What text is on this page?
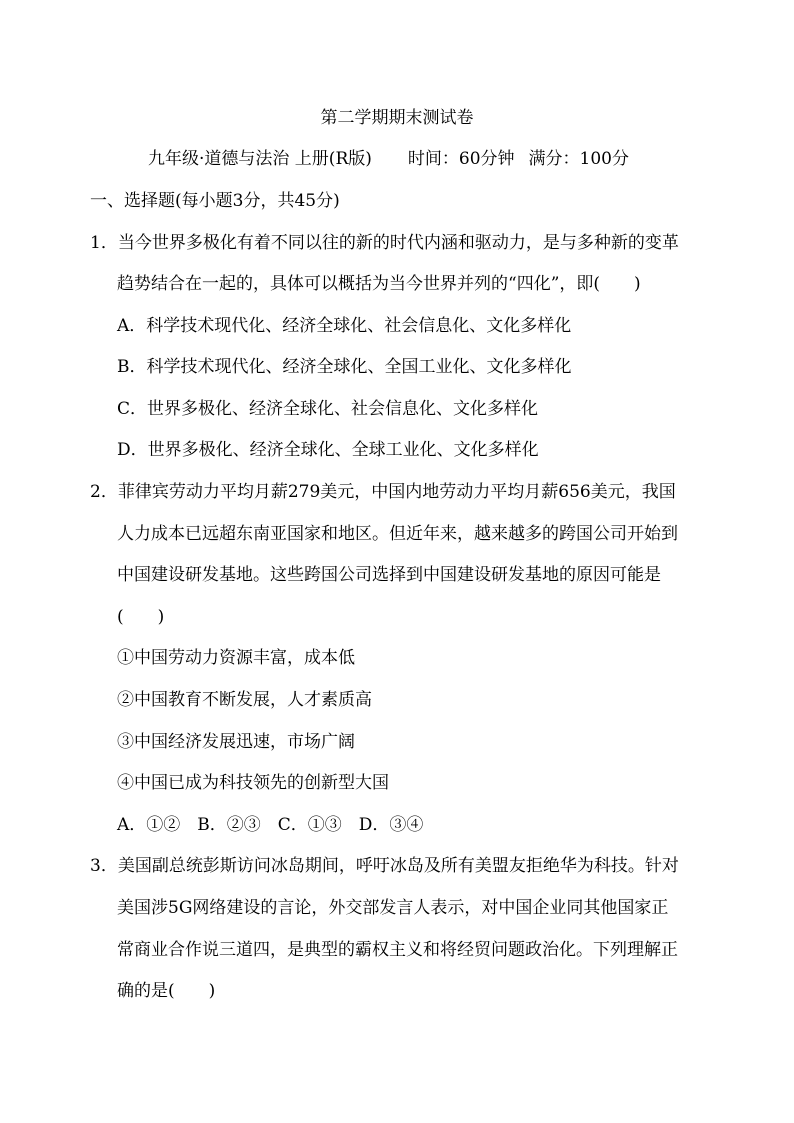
第二学期期末测试卷
九年级·道德与法治 上册(R版) 时间：60分钟 满分：100分
一、选择题(每小题3分，共45分)
1．当今世界多极化有着不同以往的新的时代内涵和驱动力，是与多种新的变革
趋势结合在一起的，具体可以概括为当今世界并列的“四化”，即(　　)
A．科学技术现代化、经济全球化、社会信息化、文化多样化
B．科学技术现代化、经济全球化、全国工业化、文化多样化
C．世界多极化、经济全球化、社会信息化、文化多样化
D．世界多极化、经济全球化、全球工业化、文化多样化
2．菲律宾劳动力平均月薪279美元，中国内地劳动力平均月薪656美元，我国
人力成本已远超东南亚国家和地区。但近年来，越来越多的跨国公司开始到
中国建设研发基地。这些跨国公司选择到中国建设研发基地的原因可能是
(　　)
①中国劳动力资源丰富，成本低
②中国教育不断发展，人才素质高
③中国经济发展迅速，市场广阔
④中国已成为科技领先的创新型大国
A．①②　B．②③　C．①③　D．③④
3．美国副总统彭斯访问冰岛期间，呼吁冰岛及所有美盟友拒绝华为科技。针对
美国涉5G网络建设的言论，外交部发言人表示，对中国企业同其他国家正
常商业合作说三道四，是典型的霸权主义和将经贸问题政治化。下列理解正
确的是(　　)
